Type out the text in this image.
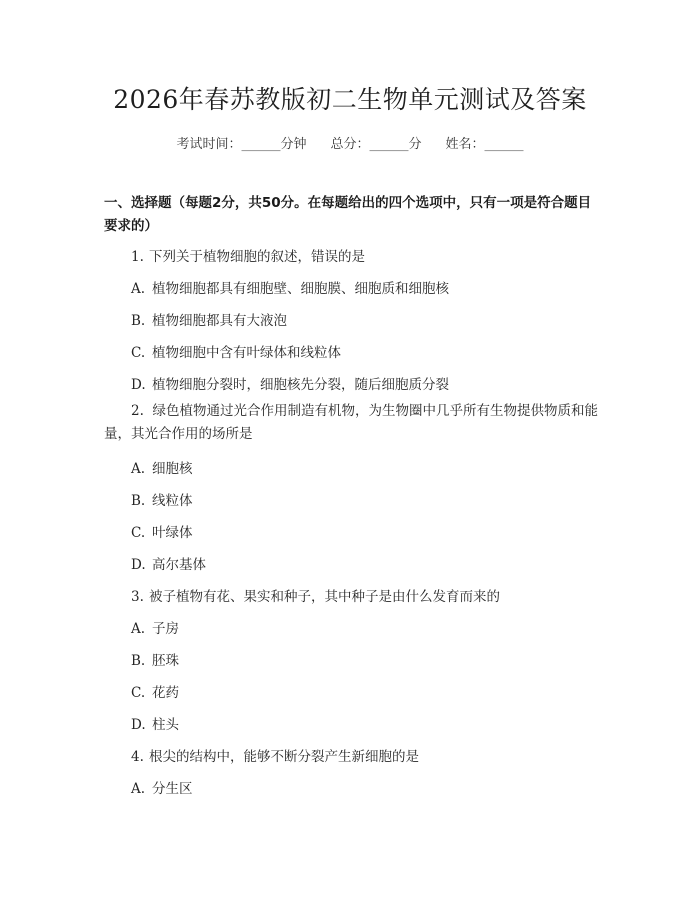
2026年春苏教版初二生物单元测试及答案
考试时间：______分钟 总分：______分 姓名：______
一、选择题（每题2分，共50分。在每题给出的四个选项中，只有一项是符合题目要求的）
1. 下列关于植物细胞的叙述，错误的是
A. 植物细胞都具有细胞壁、细胞膜、细胞质和细胞核
B. 植物细胞都具有大液泡
C. 植物细胞中含有叶绿体和线粒体
D. 植物细胞分裂时，细胞核先分裂，随后细胞质分裂
2. 绿色植物通过光合作用制造有机物，为生物圈中几乎所有生物提供物质和能量，其光合作用的场所是
A. 细胞核
B. 线粒体
C. 叶绿体
D. 高尔基体
3. 被子植物有花、果实和种子，其中种子是由什么发育而来的
A. 子房
B. 胚珠
C. 花药
D. 柱头
4. 根尖的结构中，能够不断分裂产生新细胞的是
A. 分生区
